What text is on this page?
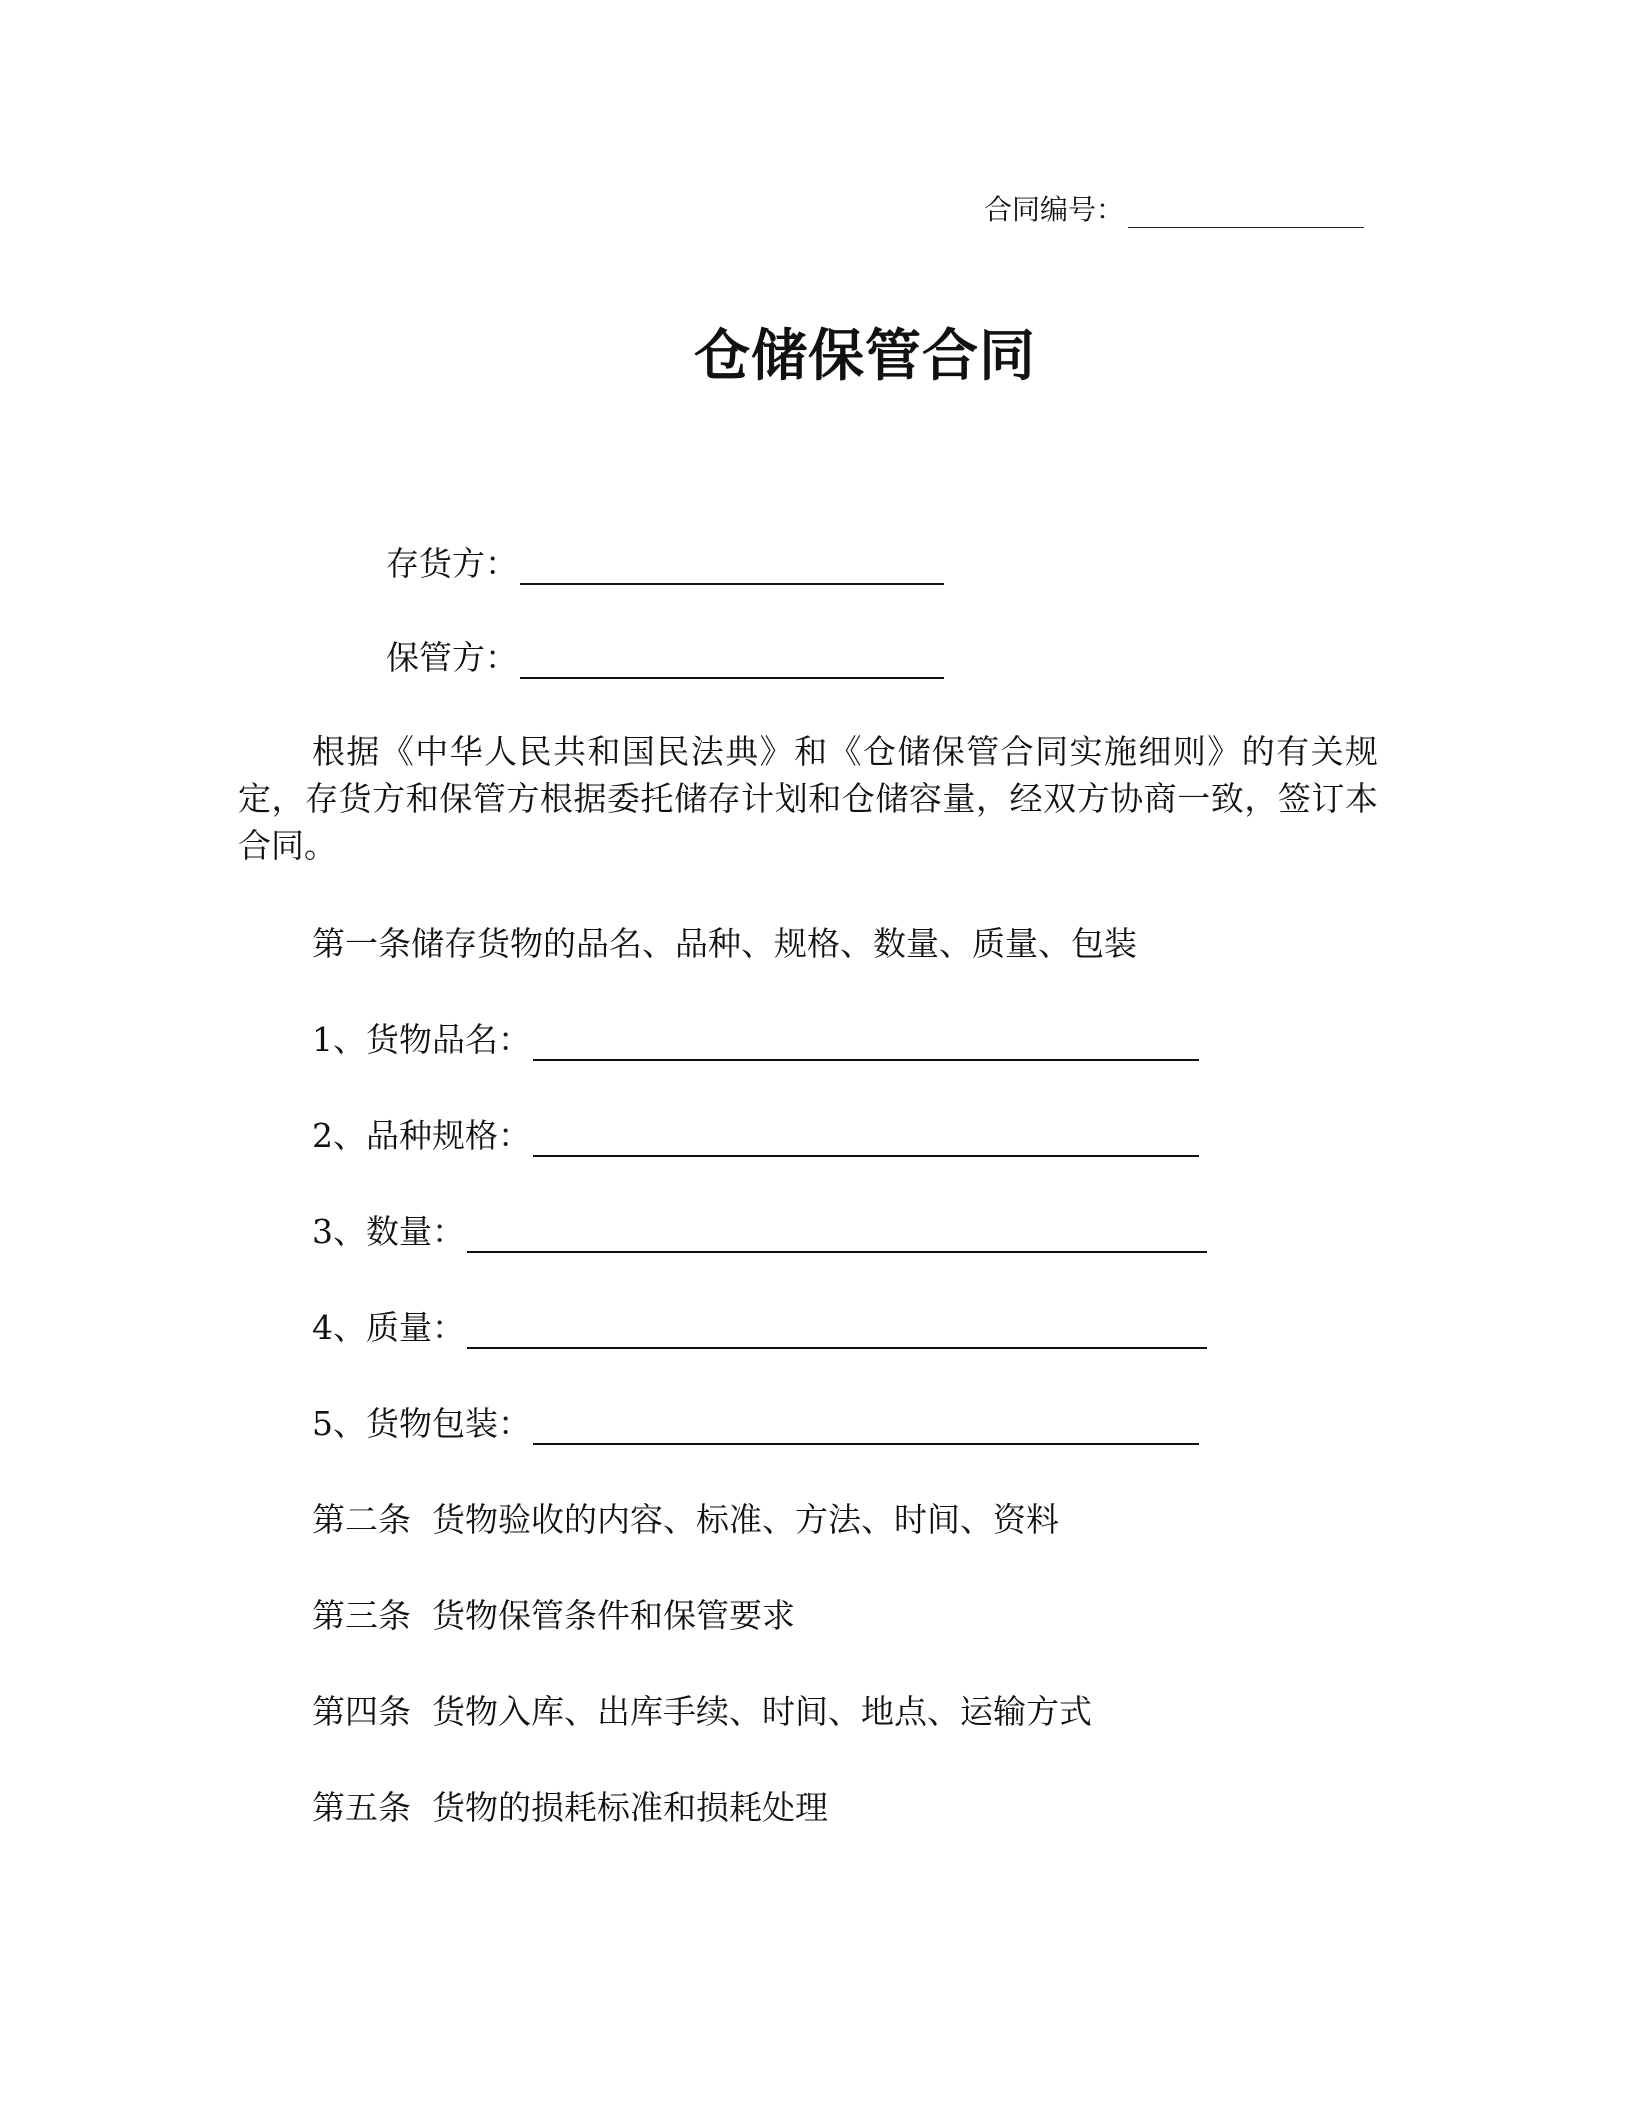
合同编号：
仓储保管合同
存货方：
保管方：
根据《中华人民共和国民法典》和《仓储保管合同实施细则》的有关规定，存货方和保管方根据委托储存计划和仓储容量，经双方协商一致，签订本合同。
第一条储存货物的品名、品种、规格、数量、质量、包装
1、货物品名：
2、品种规格：
3、数量：
4、质量：
5、货物包装：
第二条  货物验收的内容、标准、方法、时间、资料
第三条  货物保管条件和保管要求
第四条  货物入库、出库手续、时间、地点、运输方式
第五条  货物的损耗标准和损耗处理
